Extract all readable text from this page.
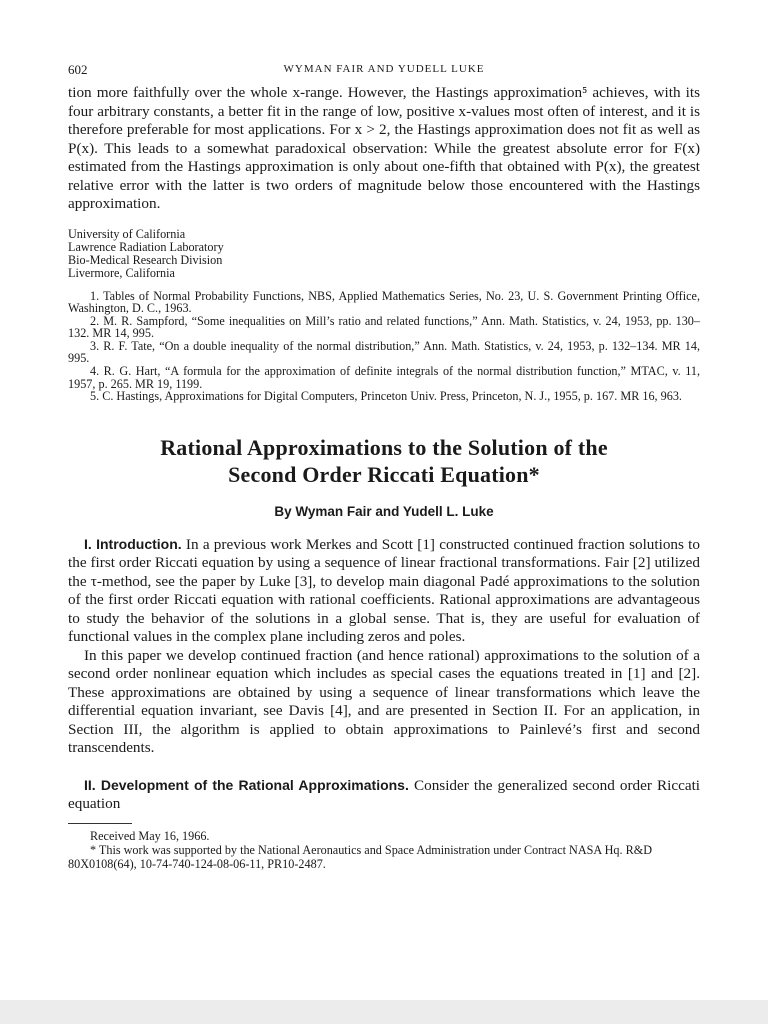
602	WYMAN FAIR AND YUDELL LUKE

tion more faithfully over the whole x-range. However, the Hastings approximation⁵ achieves, with its four arbitrary constants, a better fit in the range of low, positive x-values most often of interest, and it is therefore preferable for most applications. For x > 2, the Hastings approximation does not fit as well as P(x). This leads to a somewhat paradoxical observation: While the greatest absolute error for F(x) estimated from the Hastings approximation is only about one-fifth that obtained with P(x), the greatest relative error with the latter is two orders of magnitude below those encountered with the Hastings approximation.

University of California
Lawrence Radiation Laboratory
Bio-Medical Research Division
Livermore, California

1. Tables of Normal Probability Functions, NBS, Applied Mathematics Series, No. 23, U. S. Government Printing Office, Washington, D. C., 1963.

2. M. R. Sampford, “Some inequalities on Mill’s ratio and related functions,” Ann. Math. Statistics, v. 24, 1953, pp. 130–132. MR 14, 995.

3. R. F. Tate, “On a double inequality of the normal distribution,” Ann. Math. Statistics, v. 24, 1953, p. 132–134. MR 14, 995.

4. R. G. Hart, “A formula for the approximation of definite integrals of the normal distribution function,” MTAC, v. 11, 1957, p. 265. MR 19, 1199.

5. C. Hastings, Approximations for Digital Computers, Princeton Univ. Press, Princeton, N. J., 1955, p. 167. MR 16, 963.

Rational Approximations to the Solution of the
Second Order Riccati Equation*
By Wyman Fair and Yudell L. Luke

I. Introduction. In a previous work Merkes and Scott [1] constructed continued fraction solutions to the first order Riccati equation by using a sequence of linear fractional transformations. Fair [2] utilized the τ-method, see the paper by Luke [3], to develop main diagonal Padé approximations to the solution of the first order Riccati equation with rational coefficients. Rational approximations are advantageous to study the behavior of the solutions in a global sense. That is, they are useful for evaluation of functional values in the complex plane including zeros and poles.

In this paper we develop continued fraction (and hence rational) approximations to the solution of a second order nonlinear equation which includes as special cases the equations treated in [1] and [2]. These approximations are obtained by using a sequence of linear transformations which leave the differential equation invariant, see Davis [4], and are presented in Section II. For an application, in Section III, the algorithm is applied to obtain approximations to Painlevé’s first and second transcendents.

II. Development of the Rational Approximations. Consider the generalized second order Riccati equation

Received May 16, 1966.

* This work was supported by the National Aeronautics and Space Administration under Contract NASA Hq. R&D 80X0108(64), 10-74-740-124-08-06-11, PR10-2487.
